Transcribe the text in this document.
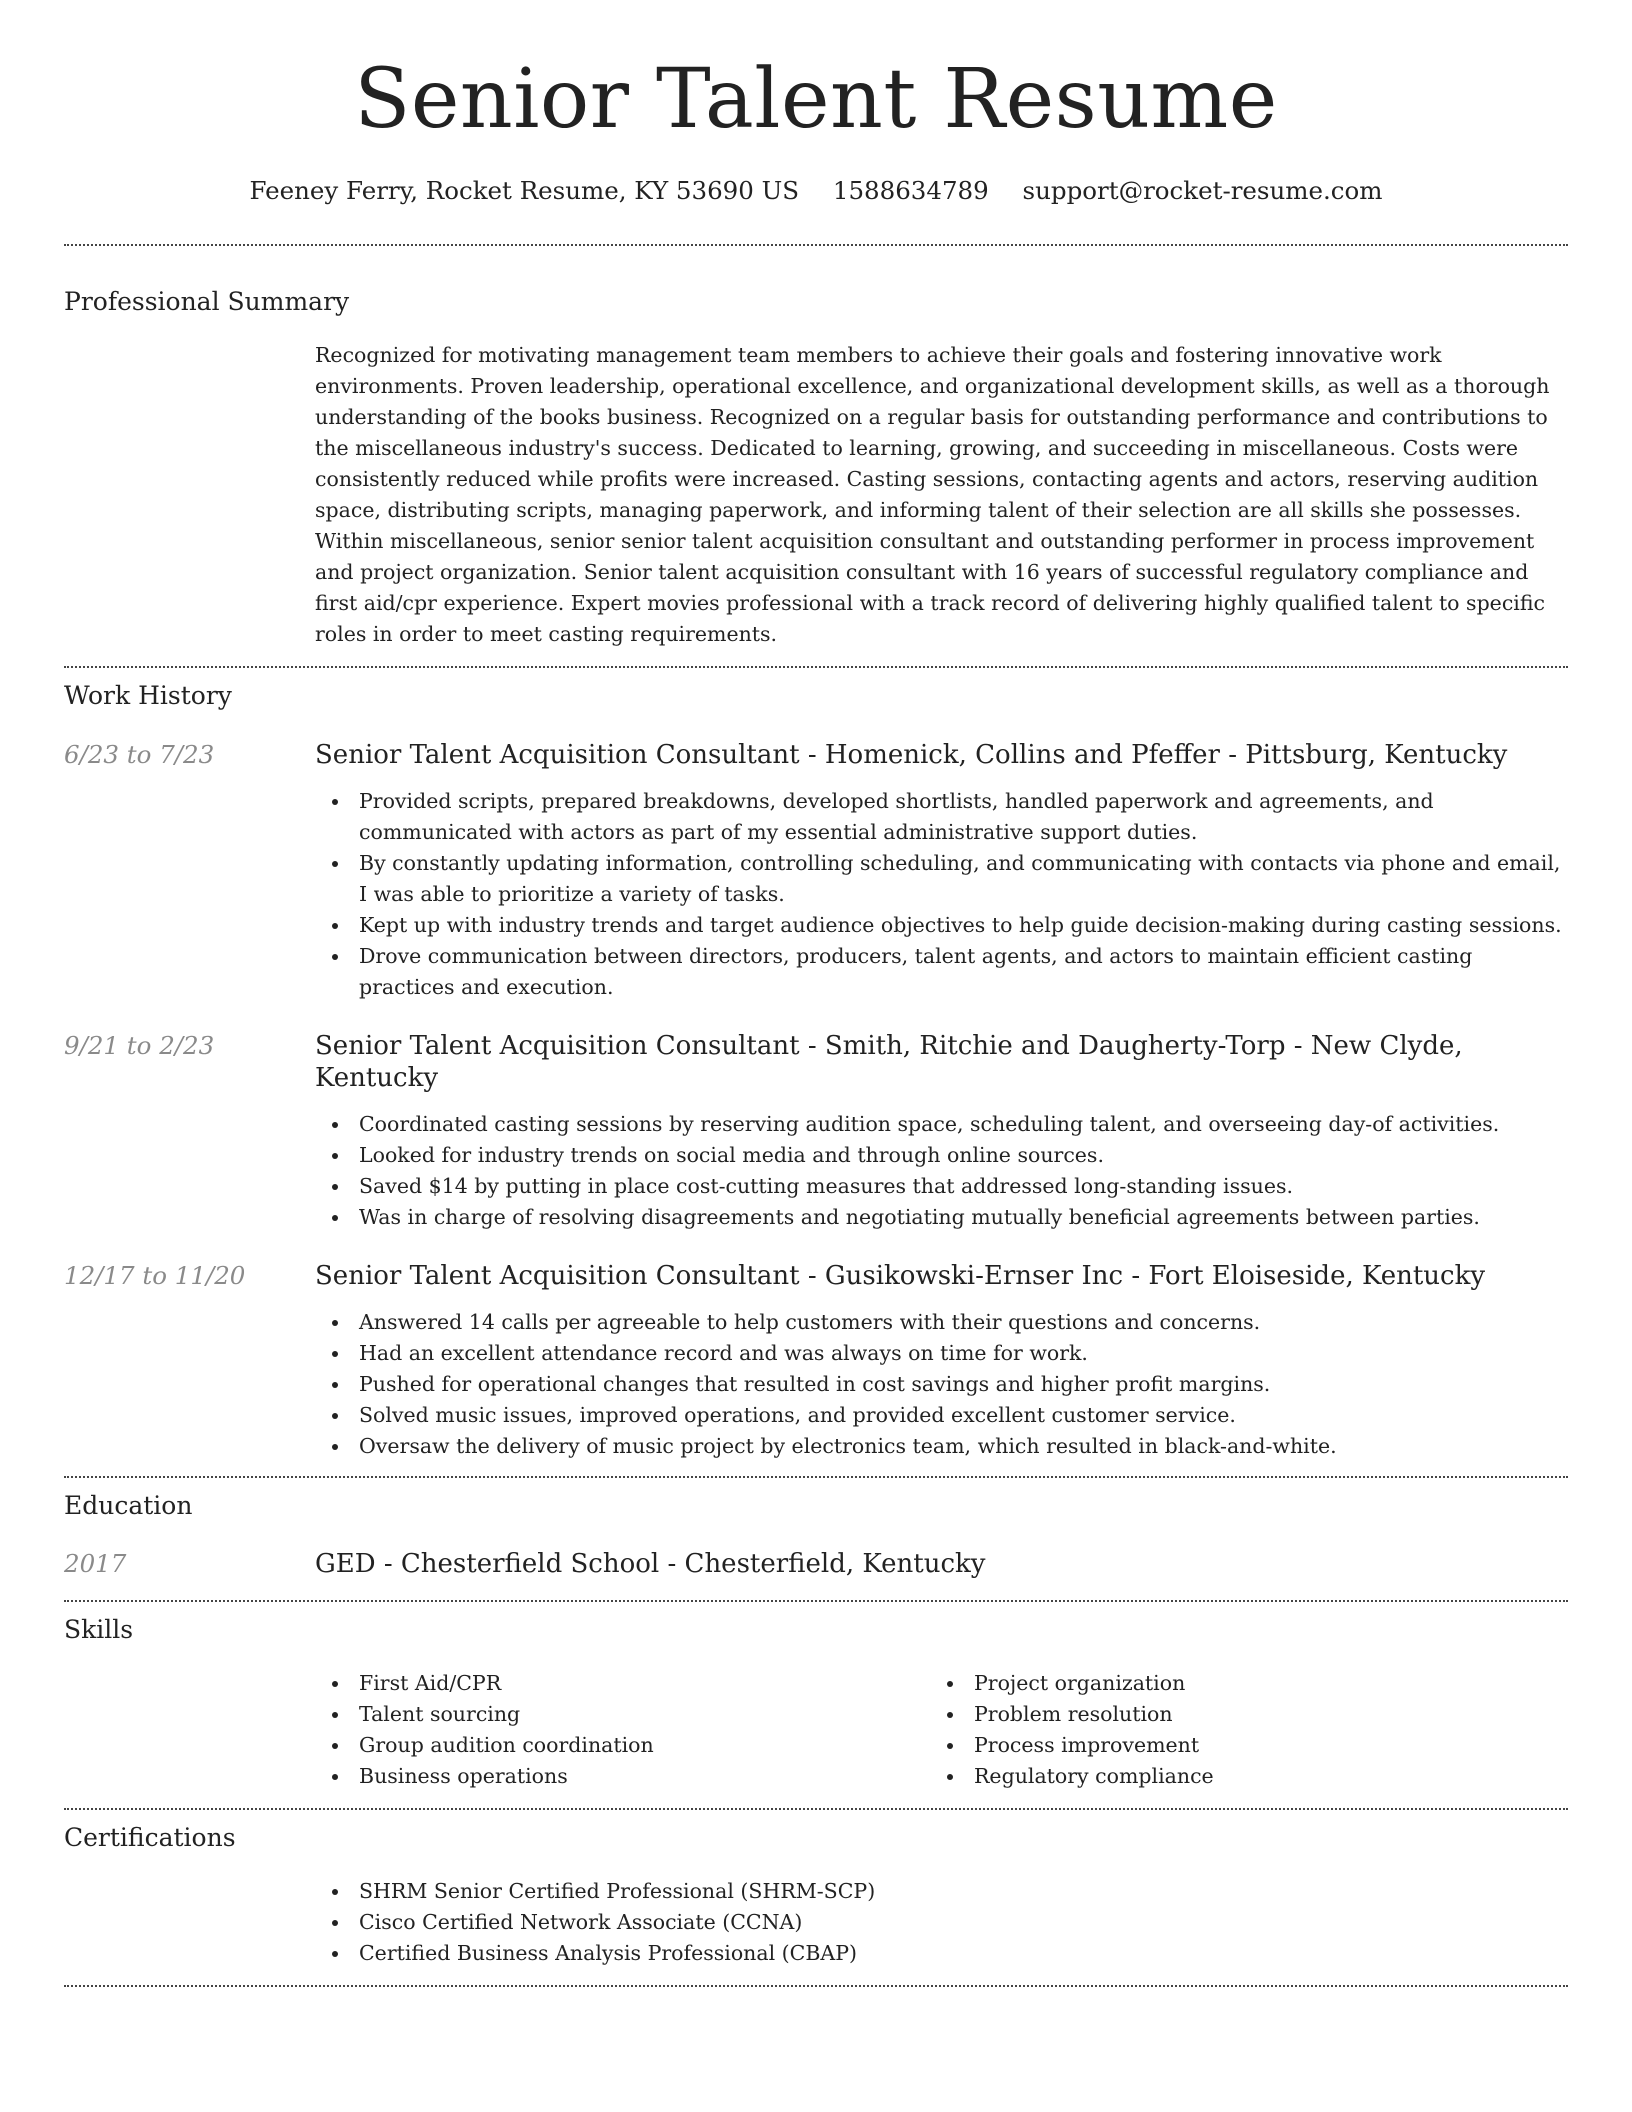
Senior Talent Resume
Feeney Ferry, Rocket Resume, KY 53690 US 1588634789 support@rocket-resume.com
Professional Summary
Recognized for motivating management team members to achieve their goals and fostering innovative work environments. Proven leadership, operational excellence, and organizational development skills, as well as a thorough understanding of the books business. Recognized on a regular basis for outstanding performance and contributions to the miscellaneous industry's success. Dedicated to learning, growing, and succeeding in miscellaneous. Costs were consistently reduced while profits were increased. Casting sessions, contacting agents and actors, reserving audition space, distributing scripts, managing paperwork, and informing talent of their selection are all skills she possesses. Within miscellaneous, senior senior talent acquisition consultant and outstanding performer in process improvement and project organization. Senior talent acquisition consultant with 16 years of successful regulatory compliance and first aid/cpr experience. Expert movies professional with a track record of delivering highly qualified talent to specific roles in order to meet casting requirements.
Work History
6/23 to 7/23	Senior Talent Acquisition Consultant - Homenick, Collins and Pfeffer - Pittsburg, Kentucky
Provided scripts, prepared breakdowns, developed shortlists, handled paperwork and agreements, and communicated with actors as part of my essential administrative support duties.
By constantly updating information, controlling scheduling, and communicating with contacts via phone and email, I was able to prioritize a variety of tasks.
Kept up with industry trends and target audience objectives to help guide decision-making during casting sessions.
Drove communication between directors, producers, talent agents, and actors to maintain efficient casting practices and execution.
9/21 to 2/23	Senior Talent Acquisition Consultant - Smith, Ritchie and Daugherty-Torp - New Clyde, Kentucky
Coordinated casting sessions by reserving audition space, scheduling talent, and overseeing day-of activities.
Looked for industry trends on social media and through online sources.
Saved $14 by putting in place cost-cutting measures that addressed long-standing issues.
Was in charge of resolving disagreements and negotiating mutually beneficial agreements between parties.
12/17 to 11/20	Senior Talent Acquisition Consultant - Gusikowski-Ernser Inc - Fort Eloiseside, Kentucky
Answered 14 calls per agreeable to help customers with their questions and concerns.
Had an excellent attendance record and was always on time for work.
Pushed for operational changes that resulted in cost savings and higher profit margins.
Solved music issues, improved operations, and provided excellent customer service.
Oversaw the delivery of music project by electronics team, which resulted in black-and-white.
Education
2017	GED - Chesterfield School - Chesterfield, Kentucky
Skills
First Aid/CPR
Talent sourcing
Group audition coordination
Business operations
Project organization
Problem resolution
Process improvement
Regulatory compliance
Certifications
SHRM Senior Certified Professional (SHRM-SCP)
Cisco Certified Network Associate (CCNA)
Certified Business Analysis Professional (CBAP)
